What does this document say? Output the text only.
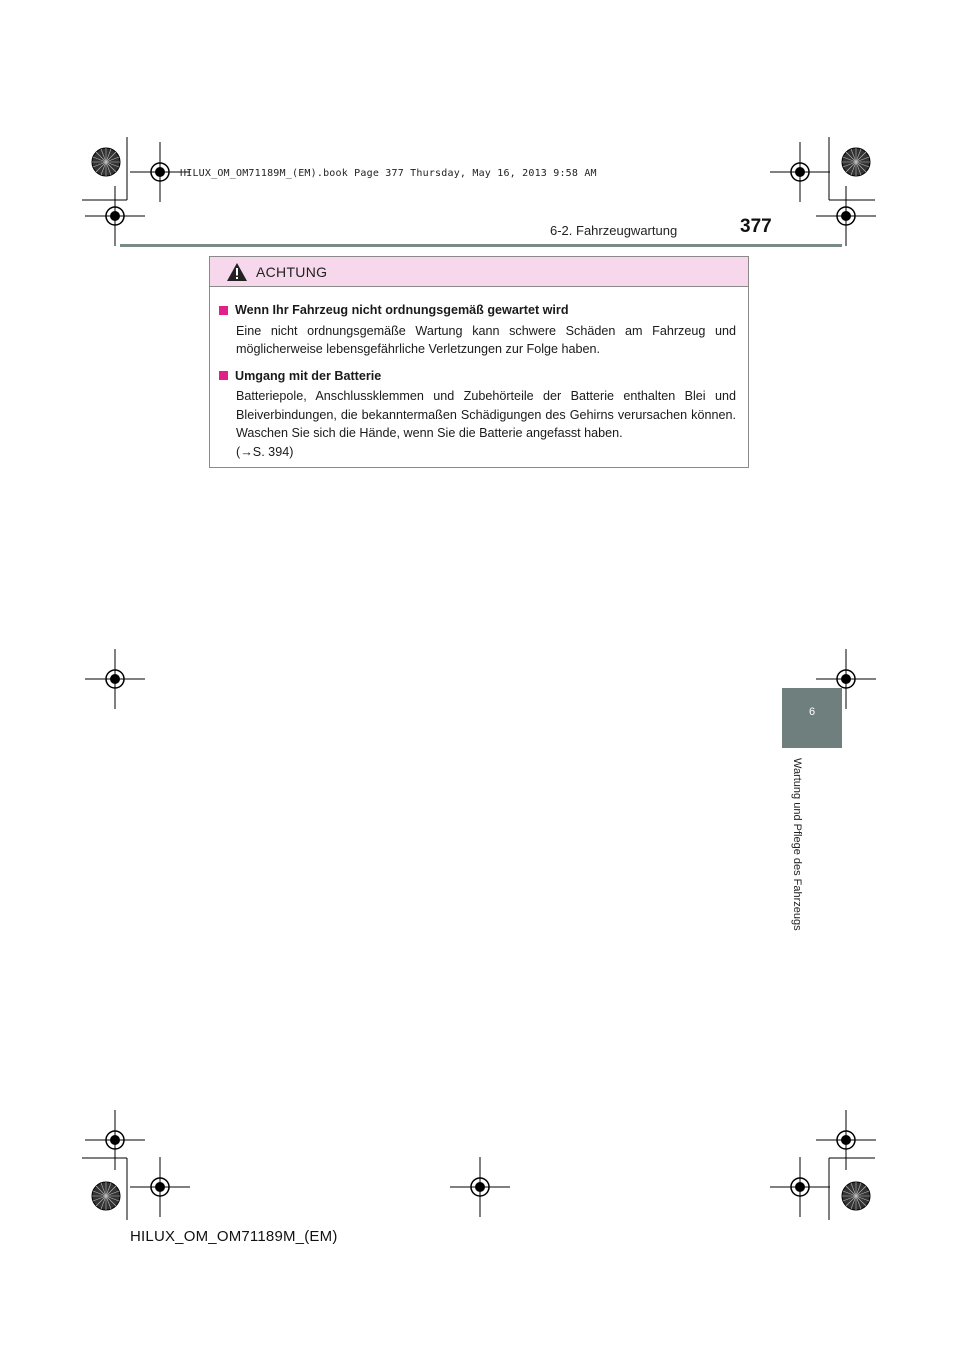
HILUX_OM_OM71189M_(EM).book Page 377 Thursday, May 16, 2013 9:58 AM
6-2. Fahrzeugwartung	377
ACHTUNG
Wenn Ihr Fahrzeug nicht ordnungsgemäß gewartet wird
Eine nicht ordnungsgemäße Wartung kann schwere Schäden am Fahrzeug und möglicherweise lebensgefährliche Verletzungen zur Folge haben.
Umgang mit der Batterie
Batteriepole, Anschlussklemmen und Zubehörteile der Batterie enthalten Blei und Bleiverbindungen, die bekanntermaßen Schädigungen des Gehirns verursachen können. Waschen Sie sich die Hände, wenn Sie die Batterie angefasst haben.
(→S. 394)
6
Wartung und Pflege des Fahrzeugs
HILUX_OM_OM71189M_(EM)
